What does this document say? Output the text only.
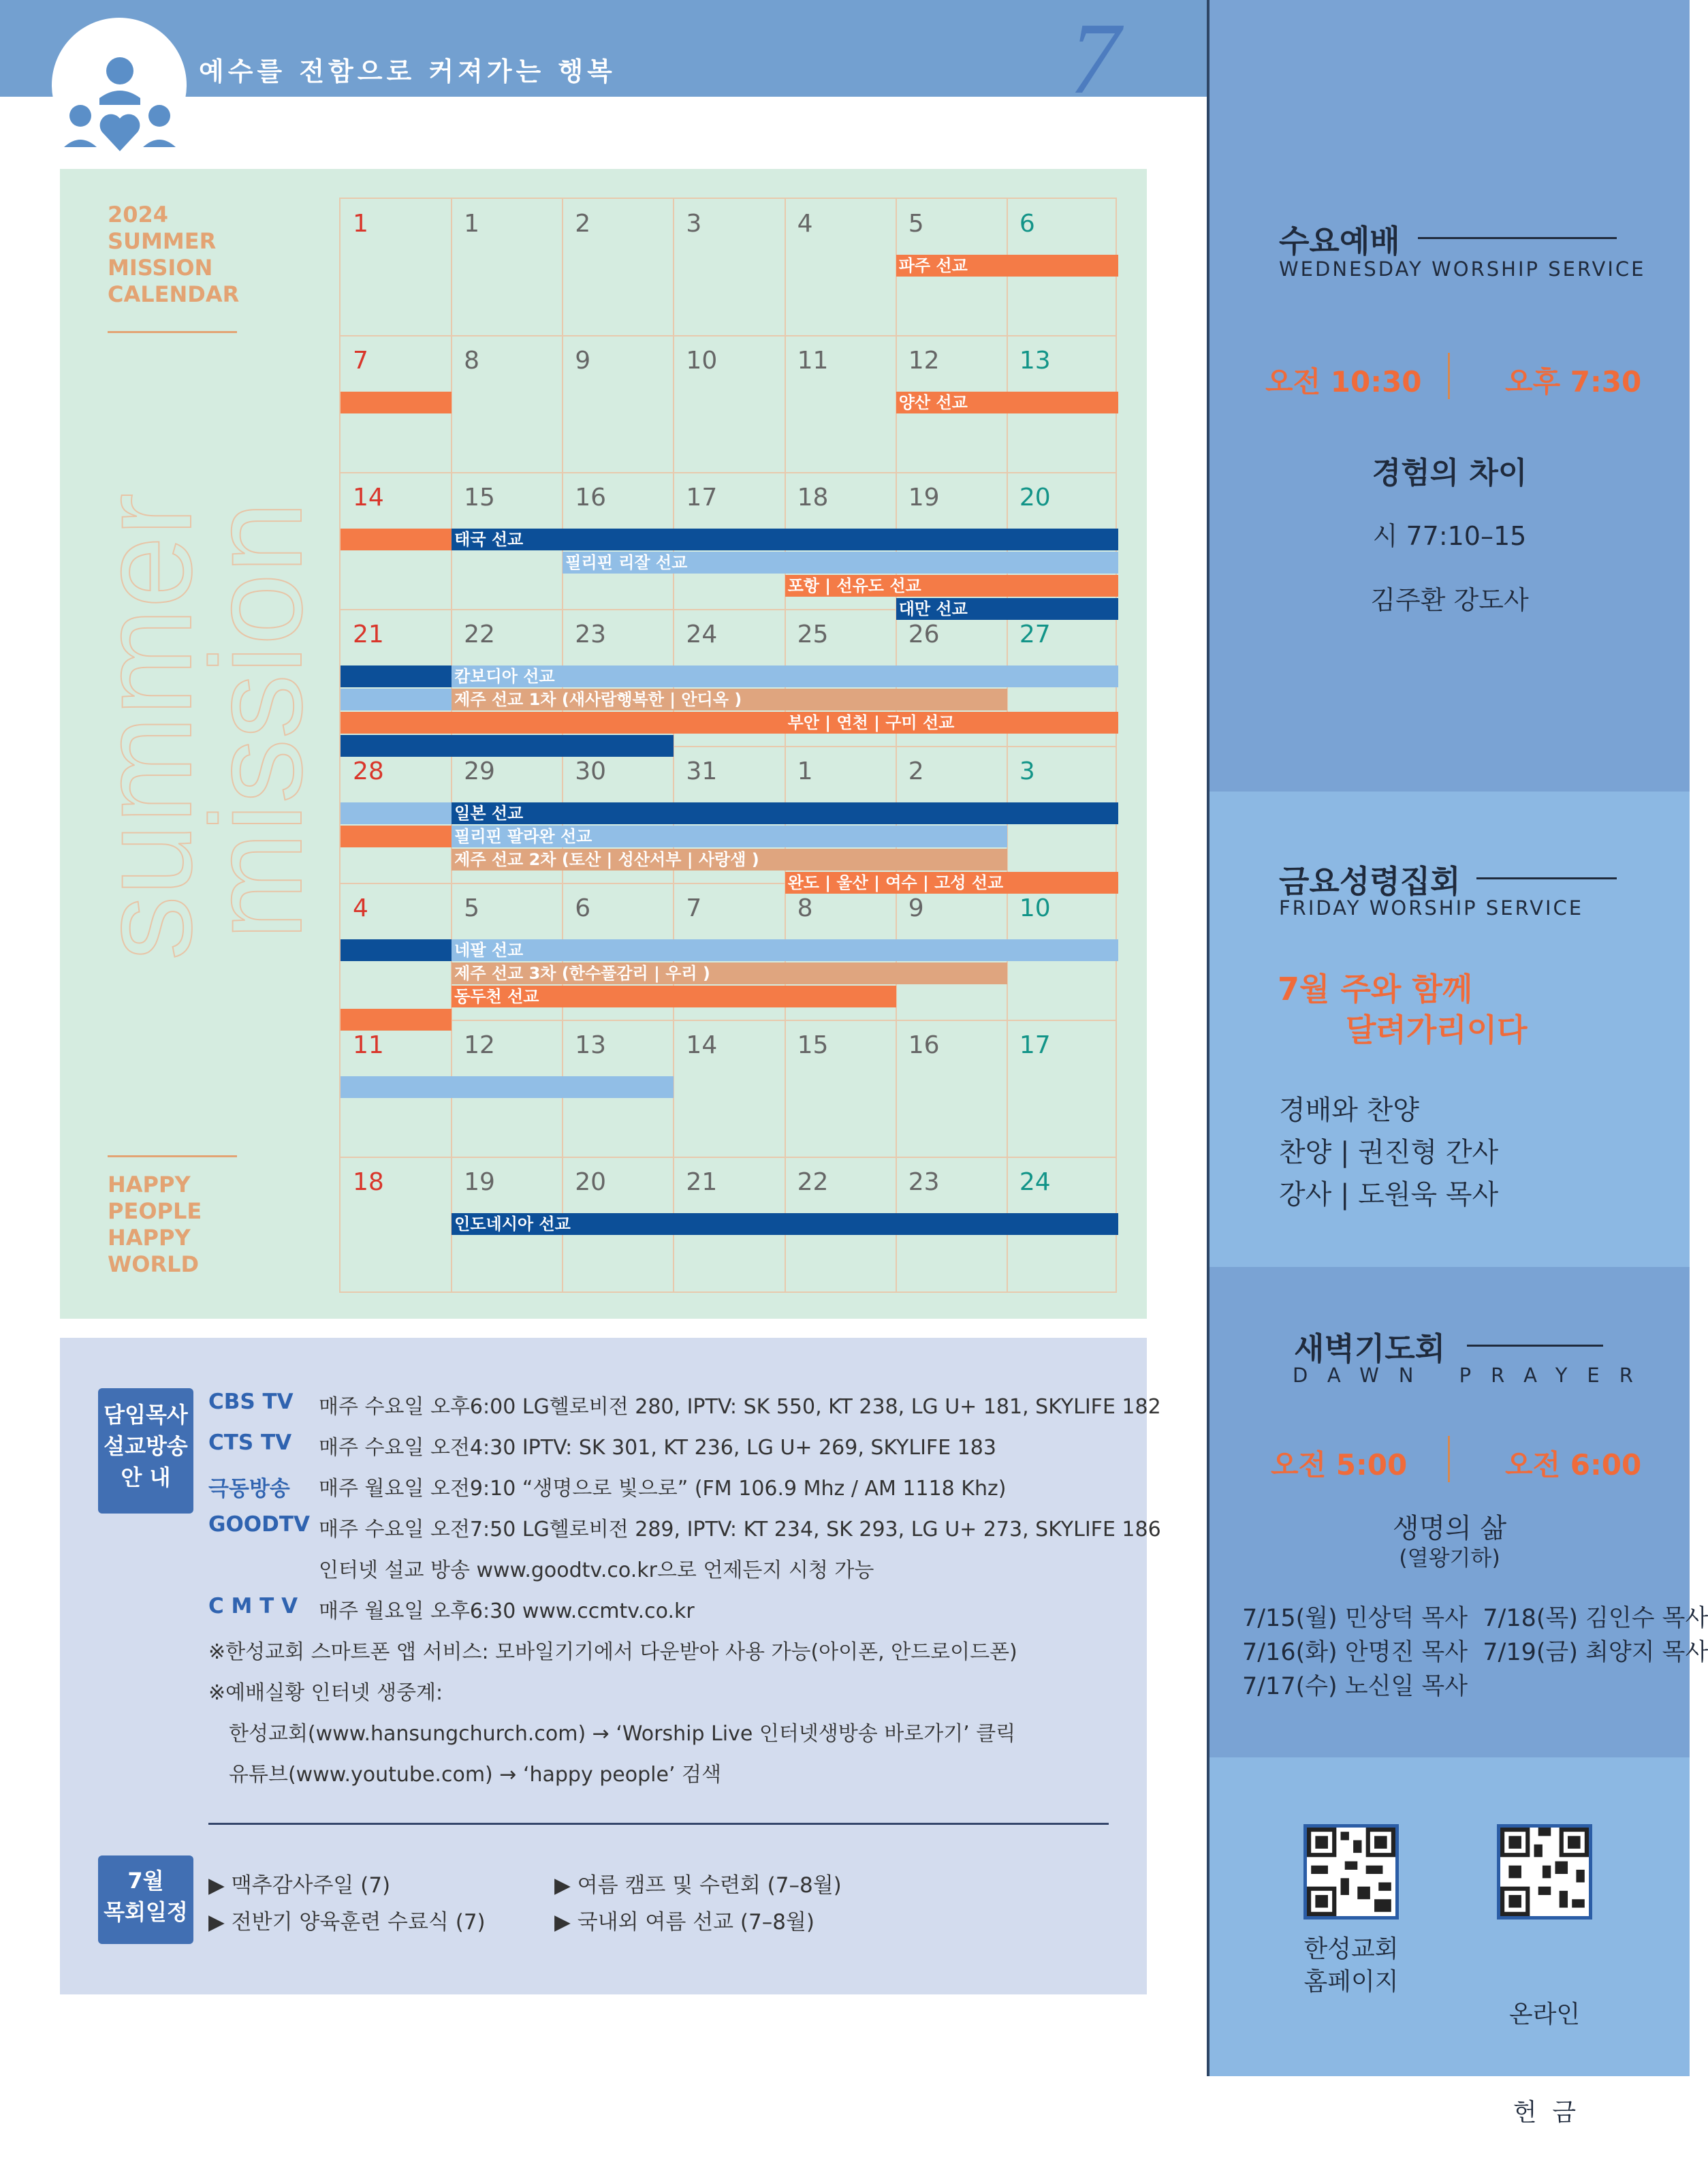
예수를 전함으로 커져가는 행복	7
2024
SUMMER
MISSION
CALENDAR
summer
mission
HAPPY
PEOPLE
HAPPY
WORLD
1	1	2	3	4	5	6
7	8	9	10	11	12	13
14	15	16	17	18	19	20
21	22	23	24	25	26	27
28	29	30	31	1	2	3
4	5	6	7	8	9	10
11	12	13	14	15	16	17
18	19	20	21	22	23	24
파주 선교
양산 선교
태국 선교
필리핀 리잘 선교
포항 | 선유도 선교
대만 선교
캄보디아 선교
제주 선교 1차 (새사람행복한 | 안디옥 )
부안 | 연천 | 구미 선교
일본 선교
필리핀 팔라완 선교
제주 선교 2차 (토산 | 성산서부 | 사랑샘 )
완도 | 울산 | 여수 | 고성 선교
네팔 선교
제주 선교 3차 (한수풀감리 | 우리 )
동두천 선교
인도네시아 선교
담임목사
설교방송
안 내
CBS TV 매주 수요일 오후6:00 LG헬로비전 280, IPTV: SK 550, KT 238, LG U+ 181, SKYLIFE 182
CTS TV 매주 수요일 오전4:30 IPTV: SK 301, KT 236, LG U+ 269, SKYLIFE 183
극동방송 매주 월요일 오전9:10 “생명으로 빛으로” (FM 106.9 Mhz / AM 1118 Khz)
GOODTV 매주 수요일 오전7:50 LG헬로비전 289, IPTV: KT 234, SK 293, LG U+ 273, SKYLIFE 186
인터넷 설교 방송 www.goodtv.co.kr으로 언제든지 시청 가능
C M T V 매주 월요일 오후6:30 www.ccmtv.co.kr
※한성교회 스마트폰 앱 서비스: 모바일기기에서 다운받아 사용 가능(아이폰, 안드로이드폰)
※예배실황 인터넷 생중계:
한성교회(www.hansungchurch.com) → ‘Worship Live 인터넷생방송 바로가기’ 클릭
유튜브(www.youtube.com) → ‘happy people’ 검색
7월
목회일정
▶ 맥추감사주일 (7)
▶ 전반기 양육훈련 수료식 (7)
▶ 여름 캠프 및 수련회 (7–8월)
▶ 국내외 여름 선교 (7–8월)
수요예배
WEDNESDAY WORSHIP SERVICE
오전 10:30	오후 7:30
경험의 차이
시 77:10–15
김주환 강도사
금요성령집회
FRIDAY WORSHIP SERVICE
7월 주와 함께
달려가리이다
경배와 찬양
찬양 | 권진형 간사
강사 | 도원욱 목사
새벽기도회
DAWN PRAYER
오전 5:00	오전 6:00
생명의 삶
(열왕기하)
7/15(월) 민상덕 목사  7/18(목) 김인수 목사
7/16(화) 안명진 목사  7/19(금) 최양지 목사
7/17(수) 노신일 목사
한성교회
홈페이지

온라인

헌  금
